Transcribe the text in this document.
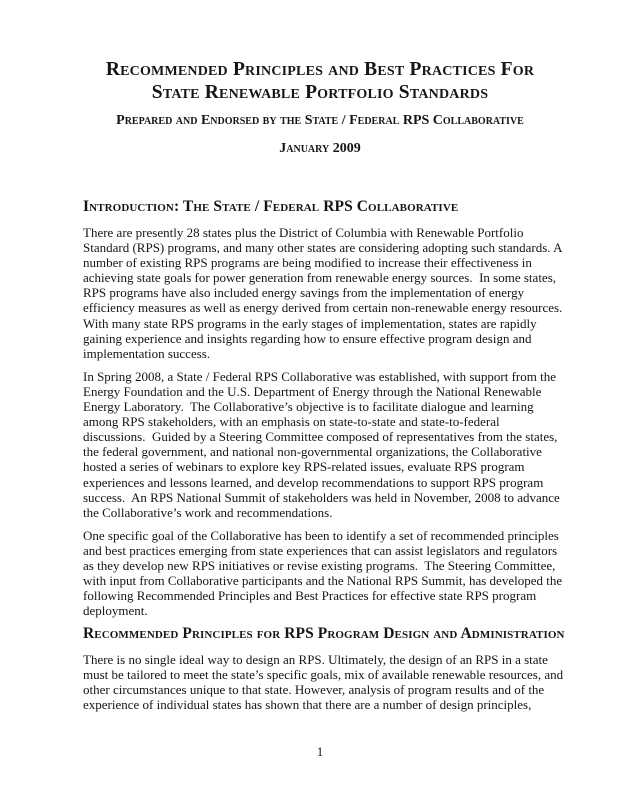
Recommended Principles and Best Practices For
State Renewable Portfolio Standards
Prepared and Endorsed by the State / Federal RPS Collaborative
January 2009
Introduction: The State / Federal RPS Collaborative

There are presently 28 states plus the District of Columbia with Renewable Portfolio Standard (RPS) programs, and many other states are considering adopting such standards. A number of existing RPS programs are being modified to increase their effectiveness in achieving state goals for power generation from renewable energy sources.  In some states, RPS programs have also included energy savings from the implementation of energy efficiency measures as well as energy derived from certain non-renewable energy resources.  With many state RPS programs in the early stages of implementation, states are rapidly gaining experience and insights regarding how to ensure effective program design and implementation success.

In Spring 2008, a State / Federal RPS Collaborative was established, with support from the Energy Foundation and the U.S. Department of Energy through the National Renewable Energy Laboratory.  The Collaborative’s objective is to facilitate dialogue and learning among RPS stakeholders, with an emphasis on state-to-state and state-to-federal discussions.  Guided by a Steering Committee composed of representatives from the states, the federal government, and national non-governmental organizations, the Collaborative hosted a series of webinars to explore key RPS-related issues, evaluate RPS program experiences and lessons learned, and develop recommendations to support RPS program success.  An RPS National Summit of stakeholders was held in November, 2008 to advance the Collaborative’s work and recommendations.

One specific goal of the Collaborative has been to identify a set of recommended principles and best practices emerging from state experiences that can assist legislators and regulators as they develop new RPS initiatives or revise existing programs.  The Steering Committee, with input from Collaborative participants and the National RPS Summit, has developed the following Recommended Principles and Best Practices for effective state RPS program deployment.

Recommended Principles for RPS Program Design and Administration

There is no single ideal way to design an RPS. Ultimately, the design of an RPS in a state must be tailored to meet the state’s specific goals, mix of available renewable resources, and other circumstances unique to that state. However, analysis of program results and of the experience of individual states has shown that there are a number of design principles,

1
